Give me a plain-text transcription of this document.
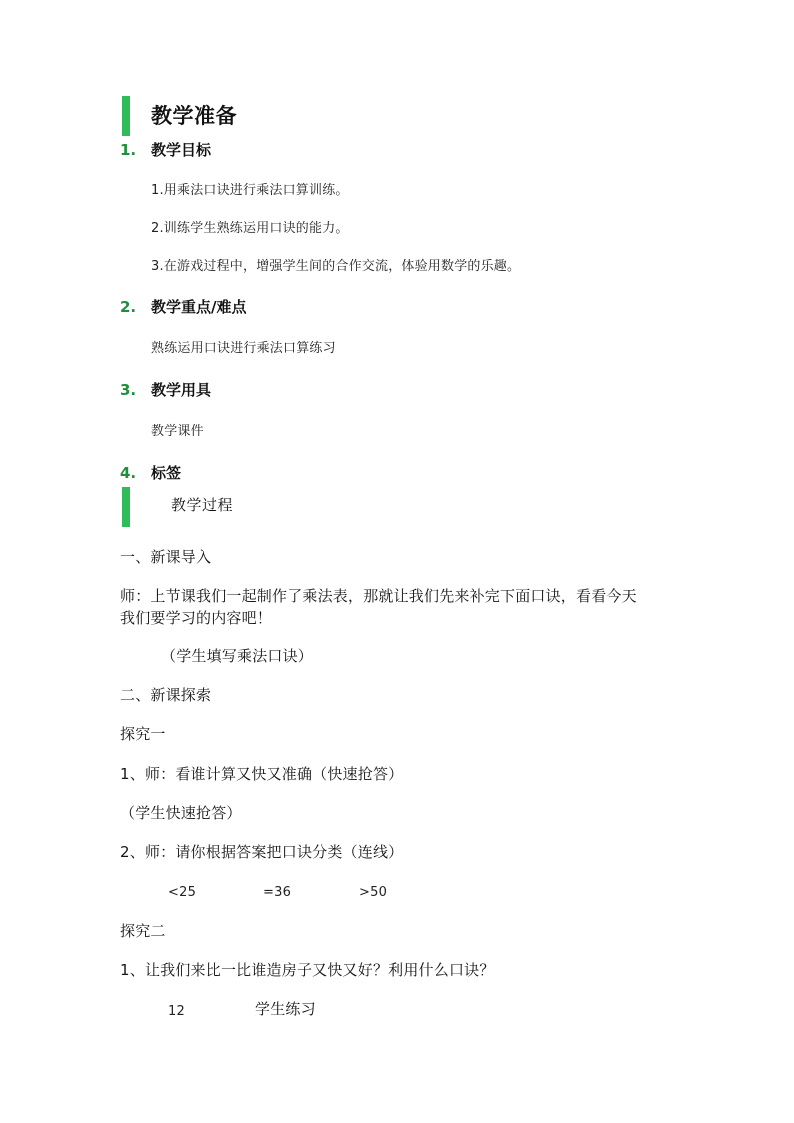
教学准备
1. 教学目标
1.用乘法口诀进行乘法口算训练。
2.训练学生熟练运用口诀的能力。
3.在游戏过程中，增强学生间的合作交流，体验用数学的乐趣。
2. 教学重点/难点
熟练运用口诀进行乘法口算练习
3. 教学用具
教学课件
4. 标签
教学过程
一、新课导入
师：上节课我们一起制作了乘法表，那就让我们先来补完下面口诀，看看今天
我们要学习的内容吧！
（学生填写乘法口诀）
二、新课探索
探究一
1、师：看谁计算又快又准确（快速抢答）
（学生快速抢答）
2、师：请你根据答案把口诀分类（连线）
<25	=36	>50
探究二
1、让我们来比一比谁造房子又快又好？利用什么口诀？
12	学生练习
